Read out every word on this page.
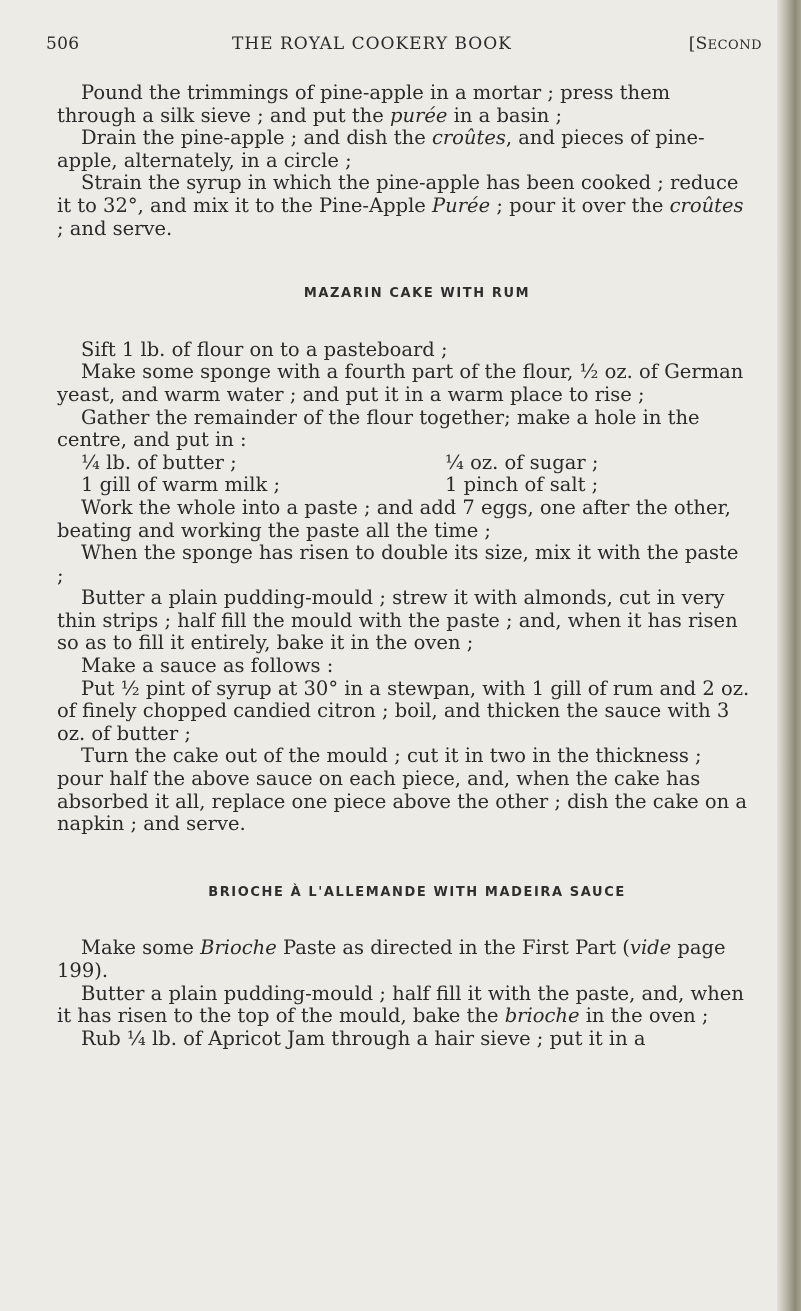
506	THE ROYAL COOKERY BOOK	[SECOND

Pound the trimmings of pine-apple in a mortar ; press them through a silk sieve ; and put the purée in a basin ;

Drain the pine-apple ; and dish the croûtes, and pieces of pine-apple, alternately, in a circle ;

Strain the syrup in which the pine-apple has been cooked ; reduce it to 32°, and mix it to the Pine-Apple Purée ; pour it over the croûtes ; and serve.

MAZARIN CAKE WITH RUM

Sift 1 lb. of flour on to a pasteboard ;

Make some sponge with a fourth part of the flour, ½ oz. of German yeast, and warm water ; and put it in a warm place to rise ;

Gather the remainder of the flour together; make a hole in the centre, and put in :

¼ lb. of butter ;	¼ oz. of sugar ;
1 gill of warm milk ;	1 pinch of salt ;

Work the whole into a paste ; and add 7 eggs, one after the other, beating and working the paste all the time ;

When the sponge has risen to double its size, mix it with the paste ;

Butter a plain pudding-mould ; strew it with almonds, cut in very thin strips ; half fill the mould with the paste ; and, when it has risen so as to fill it entirely, bake it in the oven ;

Make a sauce as follows :

Put ½ pint of syrup at 30° in a stewpan, with 1 gill of rum and 2 oz. of finely chopped candied citron ; boil, and thicken the sauce with 3 oz. of butter ;

Turn the cake out of the mould ; cut it in two in the thickness ; pour half the above sauce on each piece, and, when the cake has absorbed it all, replace one piece above the other ; dish the cake on a napkin ; and serve.

BRIOCHE À L'ALLEMANDE WITH MADEIRA SAUCE

Make some Brioche Paste as directed in the First Part (vide page 199).

Butter a plain pudding-mould ; half fill it with the paste, and, when it has risen to the top of the mould, bake the brioche in the oven ;

Rub ¼ lb. of Apricot Jam through a hair sieve ; put it in a
